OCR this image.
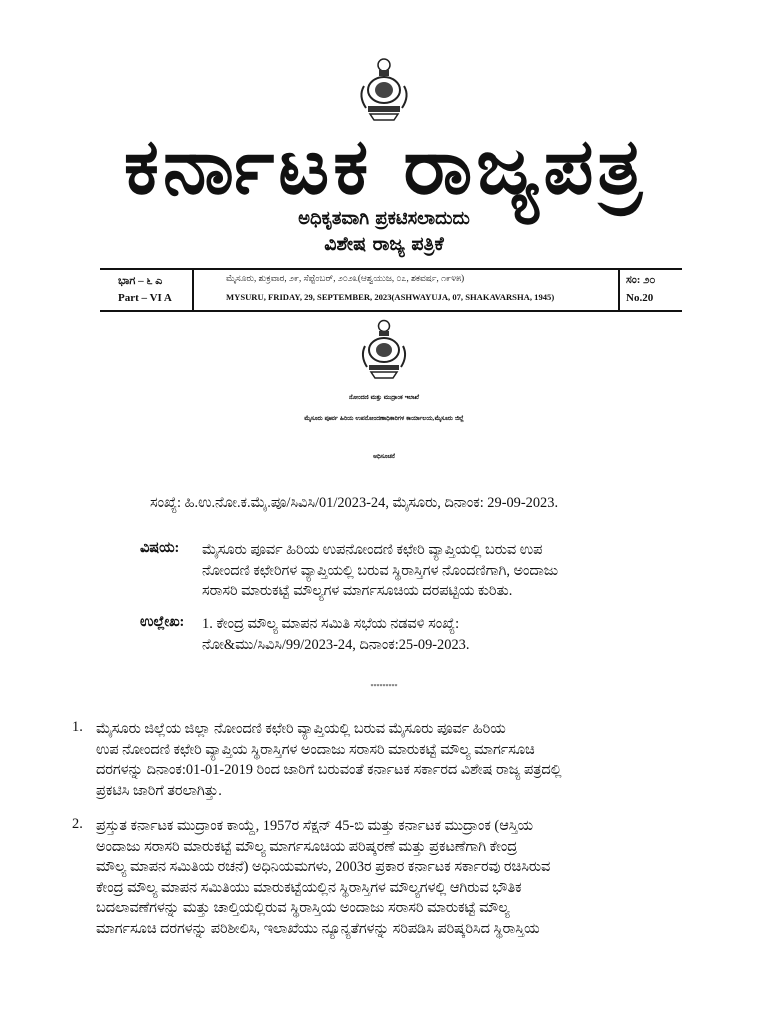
ಕರ್ನಾಟಕ ರಾಜ್ಯಪತ್ರ
ಅಧಿಕೃತವಾಗಿ ಪ್ರಕಟಿಸಲಾದುದು
ವಿಶೇಷ ರಾಜ್ಯ ಪತ್ರಿಕೆ
ಭಾಗ – ೬ ಎ
Part – VI A
ಮೈಸೂರು, ಶುಕ್ರವಾರ, ೨೯, ಸೆಪ್ಟೆಂಬರ್, ೨೦೨೩(ಆಶ್ವಯುಜ, ೦೭, ಶಕವರ್ಷ, ೧೯೪೫)
MYSURU, FRIDAY, 29, SEPTEMBER, 2023(ASHWAYUJA, 07, SHAKAVARSHA, 1945)
ಸಂ: ೨೦
No.20
ನೋಂದಣಿ ಮತ್ತು ಮುದ್ರಾಂಕ ಇಲಾಖೆ
ಮೈಸೂರು ಪೂರ್ವ ಹಿರಿಯ ಉಪನೋಂದಣಾಧಿಕಾರಿಗಳ ಕಾರ್ಯಾಲಯ,ಮೈಸೂರು ಜಿಲ್ಲೆ
ಅಧಿಸೂಚನೆ
ಸಂಖ್ಯೆ: ಹಿ.ಉ.ನೋ.ಕ.ಮೈ.ಪೂ/ಸಿವಿಸಿ/01/2023-24, ಮೈಸೂರು, ದಿನಾಂಕ: 29-09-2023.
ವಿಷಯ: ಮೈಸೂರು ಪೂರ್ವ ಹಿರಿಯ ಉಪನೋಂದಣಿ ಕಛೇರಿ ವ್ಯಾಪ್ತಿಯಲ್ಲಿ ಬರುವ ಉಪ
ನೋಂದಣಿ ಕಛೇರಿಗಳ ವ್ಯಾಪ್ತಿಯಲ್ಲಿ ಬರುವ ಸ್ಥಿರಾಸ್ತಿಗಳ ನೊಂದಣಿಗಾಗಿ, ಅಂದಾಜು
ಸರಾಸರಿ ಮಾರುಕಟ್ಟೆ ಮೌಲ್ಯಗಳ ಮಾರ್ಗಸೂಚಿಯ ದರಪಟ್ಟಿಯ ಕುರಿತು.
ಉಲ್ಲೇಖ: 1. ಕೇಂದ್ರ ಮೌಲ್ಯ ಮಾಪನ ಸಮಿತಿ ಸಭೆಯ ನಡವಳಿ ಸಂಖ್ಯೆ:
ನೋ&ಮು/ಸಿವಿಸಿ/99/2023-24, ದಿನಾಂಕ:25-09-2023.
*********
1. ಮೈಸೂರು ಜಿಲ್ಲೆಯ ಜಿಲ್ಲಾ ನೋಂದಣಿ ಕಛೇರಿ ವ್ಯಾಪ್ತಿಯಲ್ಲಿ ಬರುವ ಮೈಸೂರು ಪೂರ್ವ ಹಿರಿಯ
ಉಪ ನೋಂದಣಿ ಕಛೇರಿ ವ್ಯಾಪ್ತಿಯ ಸ್ಥಿರಾಸ್ತಿಗಳ ಅಂದಾಜು ಸರಾಸರಿ ಮಾರುಕಟ್ಟೆ ಮೌಲ್ಯ ಮಾರ್ಗಸೂಚಿ
ದರಗಳನ್ನು ದಿನಾಂಕ:01-01-2019 ರಿಂದ ಜಾರಿಗೆ ಬರುವಂತೆ ಕರ್ನಾಟಕ ಸರ್ಕಾರದ ವಿಶೇಷ ರಾಜ್ಯ ಪತ್ರದಲ್ಲಿ
ಪ್ರಕಟಿಸಿ ಜಾರಿಗೆ ತರಲಾಗಿತ್ತು.
2. ಪ್ರಸ್ತುತ ಕರ್ನಾಟಕ ಮುದ್ರಾಂಕ ಕಾಯ್ದೆ, 1957ರ ಸೆಕ್ಷನ್ 45-ಬಿ ಮತ್ತು ಕರ್ನಾಟಕ ಮುದ್ರಾಂಕ (ಆಸ್ತಿಯ
ಅಂದಾಜು ಸರಾಸರಿ ಮಾರುಕಟ್ಟೆ ಮೌಲ್ಯ ಮಾರ್ಗಸೂಚಿಯ ಪರಿಷ್ಕರಣೆ ಮತ್ತು ಪ್ರಕಟಣೆಗಾಗಿ ಕೇಂದ್ರ
ಮೌಲ್ಯ ಮಾಪನ ಸಮಿತಿಯ ರಚನೆ) ಅಧಿನಿಯಮಗಳು, 2003ರ ಪ್ರಕಾರ ಕರ್ನಾಟಕ ಸರ್ಕಾರವು ರಚಿಸಿರುವ
ಕೇಂದ್ರ ಮೌಲ್ಯ ಮಾಪನ ಸಮಿತಿಯು ಮಾರುಕಟ್ಟೆಯಲ್ಲಿನ ಸ್ಥಿರಾಸ್ತಿಗಳ ಮೌಲ್ಯಗಳಲ್ಲಿ ಆಗಿರುವ ಭೌತಿಕ
ಬದಲಾವಣೆಗಳನ್ನು ಮತ್ತು ಚಾಲ್ತಿಯಲ್ಲಿರುವ ಸ್ಥಿರಾಸ್ತಿಯ ಅಂದಾಜು ಸರಾಸರಿ ಮಾರುಕಟ್ಟೆ ಮೌಲ್ಯ
ಮಾರ್ಗಸೂಚಿ ದರಗಳನ್ನು ಪರಿಶೀಲಿಸಿ, ಇಲಾಖೆಯು ನ್ಯೂನ್ಯತೆಗಳನ್ನು ಸರಿಪಡಿಸಿ ಪರಿಷ್ಕರಿಸಿದ ಸ್ಥಿರಾಸ್ತಿಯ
